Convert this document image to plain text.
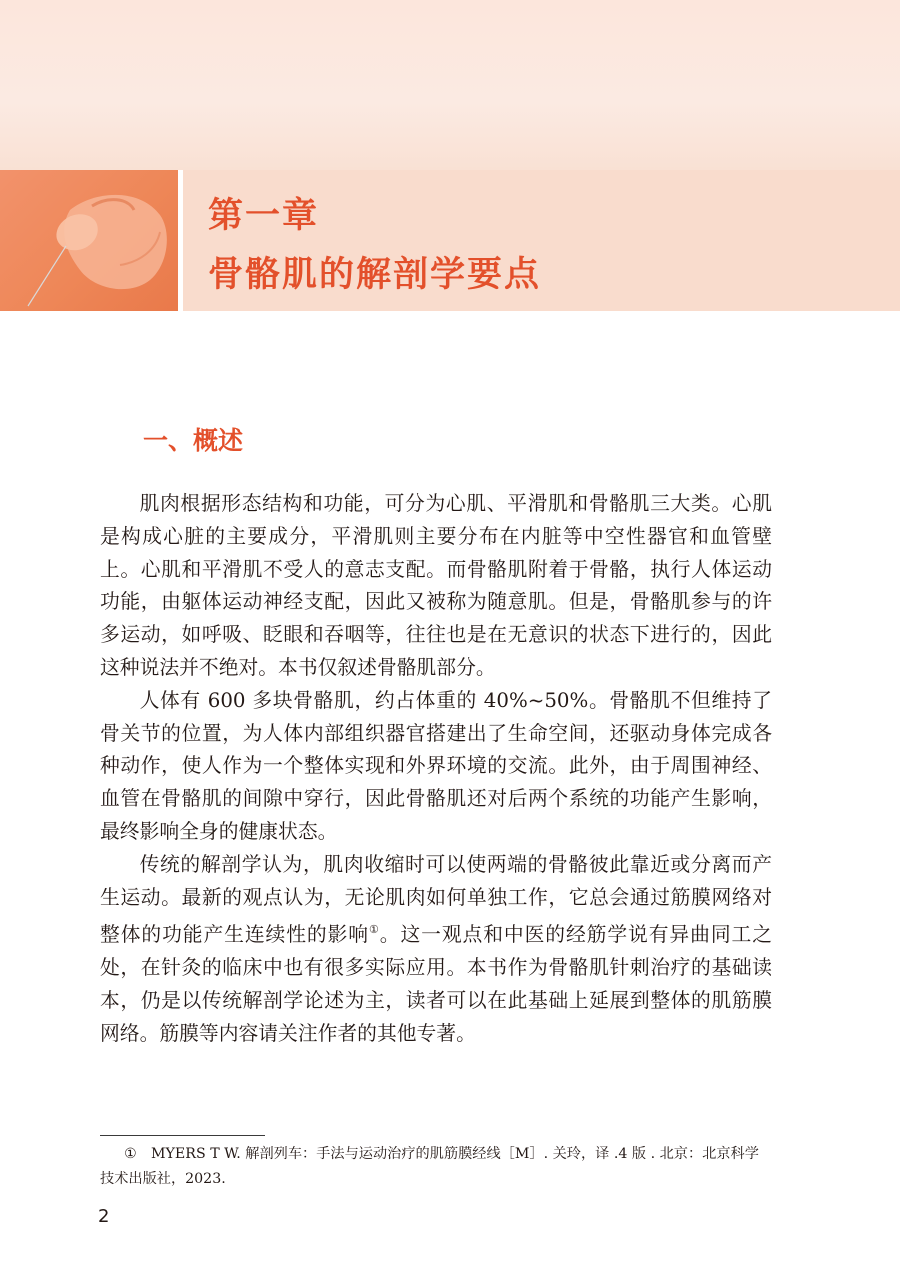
第一章
骨骼肌的解剖学要点
一、概述

肌肉根据形态结构和功能，可分为心肌、平滑肌和骨骼肌三大类。心肌是构成心脏的主要成分，平滑肌则主要分布在内脏等中空性器官和血管壁上。心肌和平滑肌不受人的意志支配。而骨骼肌附着于骨骼，执行人体运动功能，由躯体运动神经支配，因此又被称为随意肌。但是，骨骼肌参与的许多运动，如呼吸、眨眼和吞咽等，往往也是在无意识的状态下进行的，因此这种说法并不绝对。本书仅叙述骨骼肌部分。

人体有 600 多块骨骼肌，约占体重的 40%~50%。骨骼肌不但维持了骨关节的位置，为人体内部组织器官搭建出了生命空间，还驱动身体完成各种动作，使人作为一个整体实现和外界环境的交流。此外，由于周围神经、血管在骨骼肌的间隙中穿行，因此骨骼肌还对后两个系统的功能产生影响，最终影响全身的健康状态。

传统的解剖学认为，肌肉收缩时可以使两端的骨骼彼此靠近或分离而产生运动。最新的观点认为，无论肌肉如何单独工作，它总会通过筋膜网络对整体的功能产生连续性的影响①。这一观点和中医的经筋学说有异曲同工之处，在针灸的临床中也有很多实际应用。本书作为骨骼肌针刺治疗的基础读本，仍是以传统解剖学论述为主，读者可以在此基础上延展到整体的肌筋膜网络。筋膜等内容请关注作者的其他专著。

①　MYERS T W. 解剖列车：手法与运动治疗的肌筋膜经线［M］. 关玲，译 .4 版 . 北京：北京科学技术出版社，2023.

2
